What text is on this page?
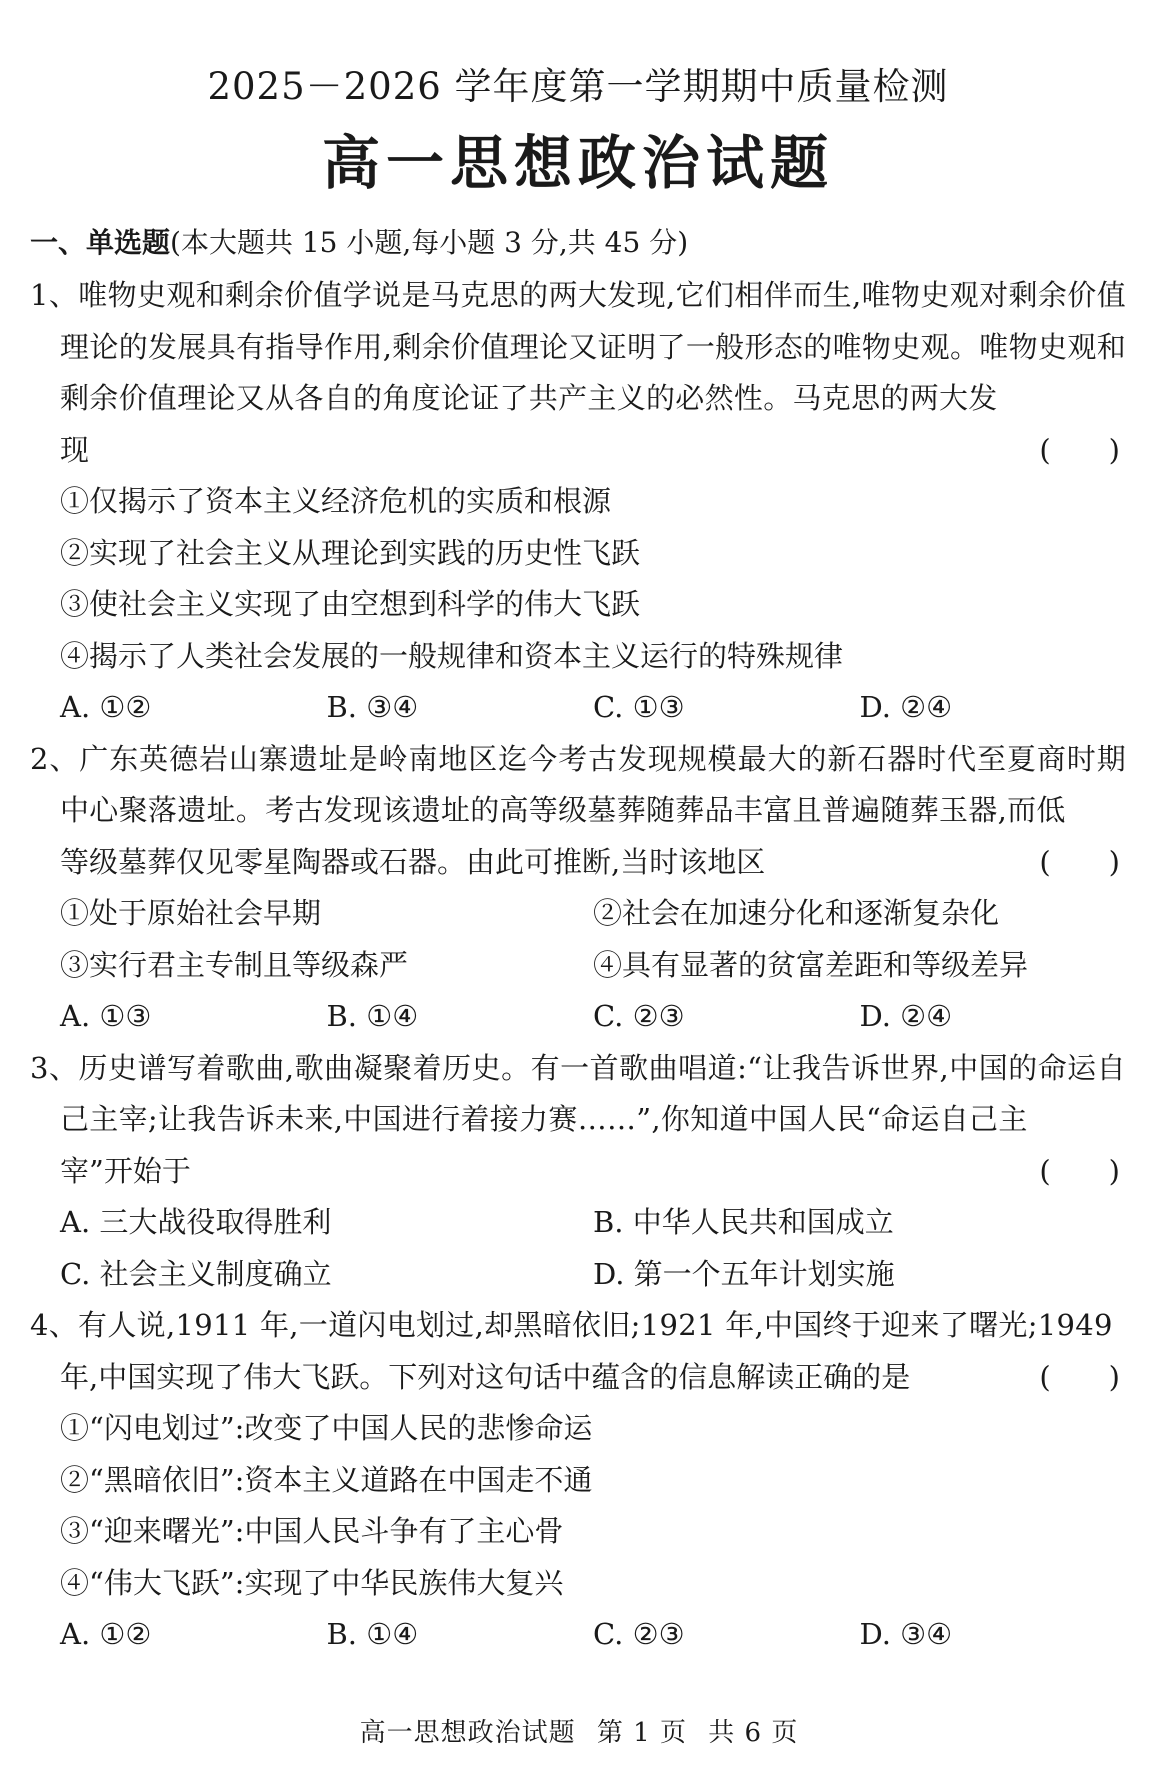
2025－2026 学年度第一学期期中质量检测
高一思想政治试题
一、单选题(本大题共 15 小题,每小题 3 分,共 45 分)

1、唯物史观和剩余价值学说是马克思的两大发现,它们相伴而生,唯物史观对剩余价值理论的发展具有指导作用,剩余价值理论又证明了一般形态的唯物史观。唯物史观和剩余价值理论又从各自的角度论证了共产主义的必然性。马克思的两大发

现	(　　)

①仅揭示了资本主义经济危机的实质和根源

②实现了社会主义从理论到实践的历史性飞跃

③使社会主义实现了由空想到科学的伟大飞跃

④揭示了人类社会发展的一般规律和资本主义运行的特殊规律

A. ①②	B. ③④	C. ①③	D. ②④

2、广东英德岩山寨遗址是岭南地区迄今考古发现规模最大的新石器时代至夏商时期中心聚落遗址。考古发现该遗址的高等级墓葬随葬品丰富且普遍随葬玉器,而低

等级墓葬仅见零星陶器或石器。由此可推断,当时该地区	(　　)
①处于原始社会早期	②社会在加速分化和逐渐复杂化
③实行君主专制且等级森严	④具有显著的贫富差距和等级差异
A. ①③	B. ①④	C. ②③	D. ②④

3、历史谱写着歌曲,歌曲凝聚着历史。有一首歌曲唱道:“让我告诉世界,中国的命运自己主宰;让我告诉未来,中国进行着接力赛……”,你知道中国人民“命运自己主

宰”开始于	(　　)
A. 三大战役取得胜利	B. 中华人民共和国成立
C. 社会主义制度确立	D. 第一个五年计划实施

4、有人说,1911 年,一道闪电划过,却黑暗依旧;1921 年,中国终于迎来了曙光;1949

年,中国实现了伟大飞跃。下列对这句话中蕴含的信息解读正确的是	(　　)

①“闪电划过”:改变了中国人民的悲惨命运

②“黑暗依旧”:资本主义道路在中国走不通

③“迎来曙光”:中国人民斗争有了主心骨

④“伟大飞跃”:实现了中华民族伟大复兴

A. ①②	B. ①④	C. ②③	D. ③④
高一思想政治试题 第 1 页 共 6 页
